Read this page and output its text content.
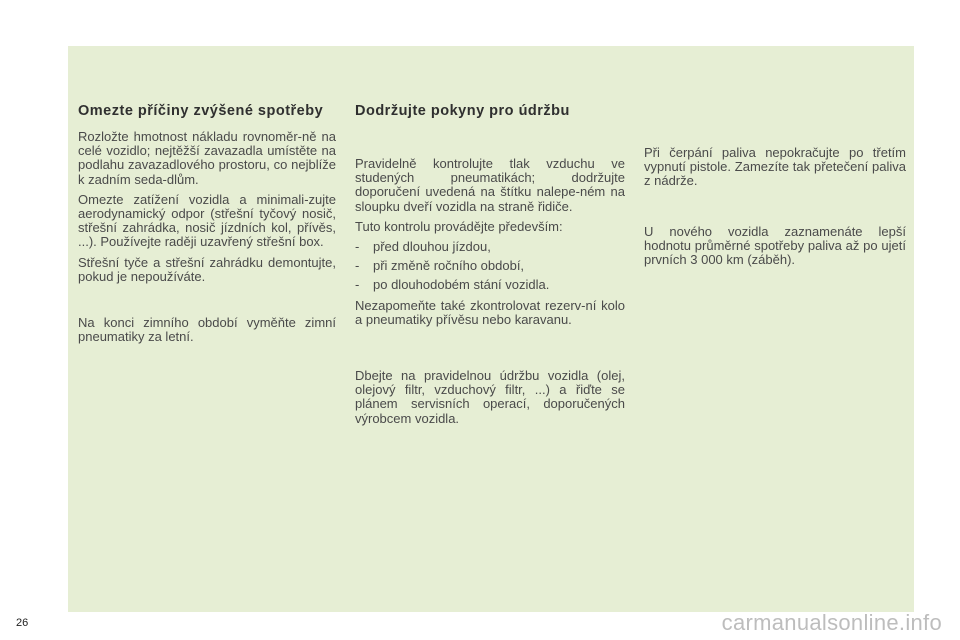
Omezte příčiny zvýšené spotřeby

Rozložte hmotnost nákladu rovnoměr-ně na celé vozidlo; nejtěžší zavazadla umístěte na podlahu zavazadlového prostoru, co nejblíže k zadním seda-dlům.

Omezte zatížení vozidla a minimali-zujte aerodynamický odpor (střešní tyčový nosič, střešní zahrádka, nosič jízdních kol, přívěs, ...). Používejte raději uzavřený střešní box.

Střešní tyče a střešní zahrádku demontujte, pokud je nepoužíváte.

Na konci zimního období vyměňte zimní pneumatiky za letní.

Dodržujte pokyny pro údržbu

Pravidelně kontrolujte tlak vzduchu ve studených pneumatikách; dodržujte doporučení uvedená na štítku nalepe-ném na sloupku dveří vozidla na straně řidiče.

Tuto kontrolu provádějte především:

-	před dlouhou jízdou,
-	při změně ročního období,
-	po dlouhodobém stání vozidla.

Nezapomeňte také zkontrolovat rezerv-ní kolo a pneumatiky přívěsu nebo karavanu.

Dbejte na pravidelnou údržbu vozidla (olej, olejový filtr, vzduchový filtr, ...) a řiďte se plánem servisních operací, doporučených výrobcem vozidla.

Při čerpání paliva nepokračujte po třetím vypnutí pistole. Zamezíte tak přetečení paliva z nádrže.

U nového vozidla zaznamenáte lepší hodnotu průměrné spotřeby paliva až po ujetí prvních 3 000 km (záběh).

26	carmanualsonline.info
